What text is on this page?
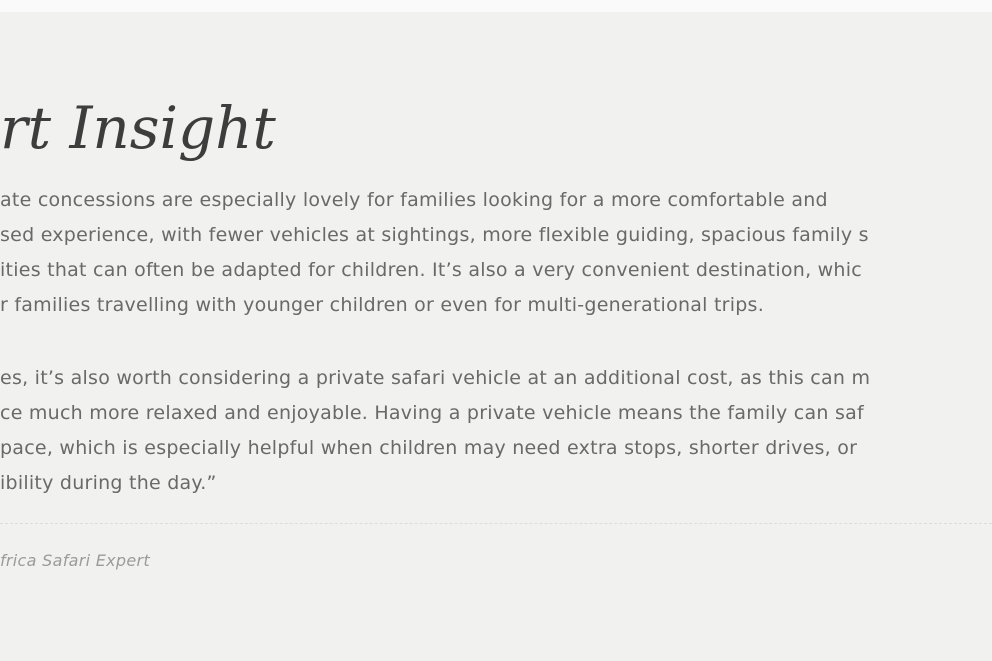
rt Insight
ate concessions are especially lovely for families looking for a more comfortable and
sed experience, with fewer vehicles at sightings, more flexible guiding, spacious family s
ities that can often be adapted for children. It’s also a very convenient destination, whic
r families travelling with younger children or even for multi-generational trips.
es, it’s also worth considering a private safari vehicle at an additional cost, as this can m
ce much more relaxed and enjoyable. Having a private vehicle means the family can saf
pace, which is especially helpful when children may need extra stops, shorter drives, or
ibility during the day.”
frica Safari Expert
